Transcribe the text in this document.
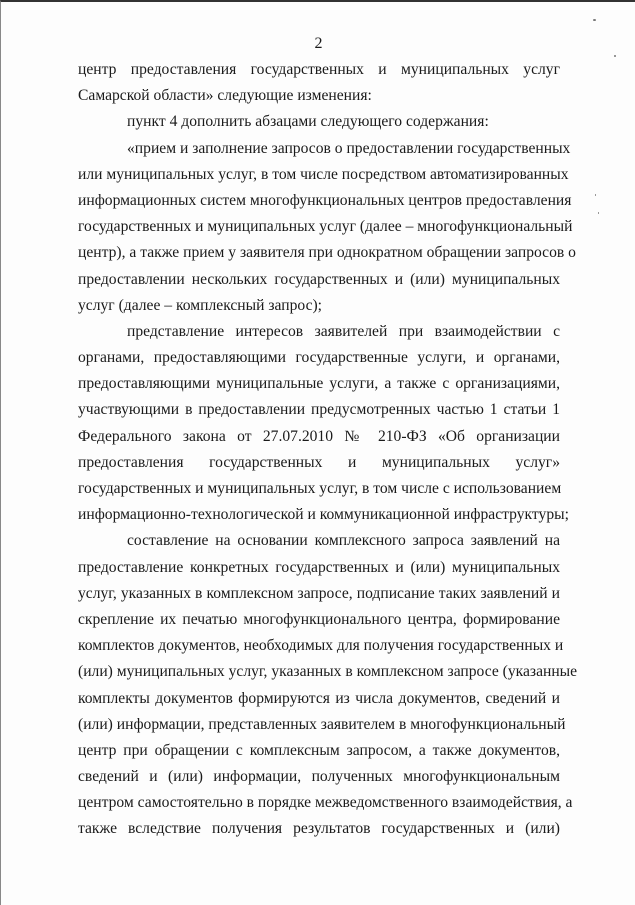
2
центр предоставления государственных и муниципальных услуг
Самарской области» следующие изменения:
пункт 4 дополнить абзацами следующего содержания:
«прием и заполнение запросов о предоставлении государственных
или муниципальных услуг, в том числе посредством автоматизированных
информационных систем многофункциональных центров предоставления
государственных и муниципальных услуг (далее – многофункциональный
центр), а также прием у заявителя при однократном обращении запросов о
предоставлении нескольких государственных и (или) муниципальных
услуг (далее – комплексный запрос);
представление интересов заявителей при взаимодействии с
органами, предоставляющими государственные услуги, и органами,
предоставляющими муниципальные услуги, а также с организациями,
участвующими в предоставлении предусмотренных частью 1 статьи 1
Федерального закона от 27.07.2010 № 210-ФЗ «Об организации
предоставления государственных и муниципальных услуг»
государственных и муниципальных услуг, в том числе с использованием
информационно-технологической и коммуникационной инфраструктуры;
составление на основании комплексного запроса заявлений на
предоставление конкретных государственных и (или) муниципальных
услуг, указанных в комплексном запросе, подписание таких заявлений и
скрепление их печатью многофункционального центра, формирование
комплектов документов, необходимых для получения государственных и
(или) муниципальных услуг, указанных в комплексном запросе (указанные
комплекты документов формируются из числа документов, сведений и
(или) информации, представленных заявителем в многофункциональный
центр при обращении с комплексным запросом, а также документов,
сведений и (или) информации, полученных многофункциональным
центром самостоятельно в порядке межведомственного взаимодействия, а
также вследствие получения результатов государственных и (или)
